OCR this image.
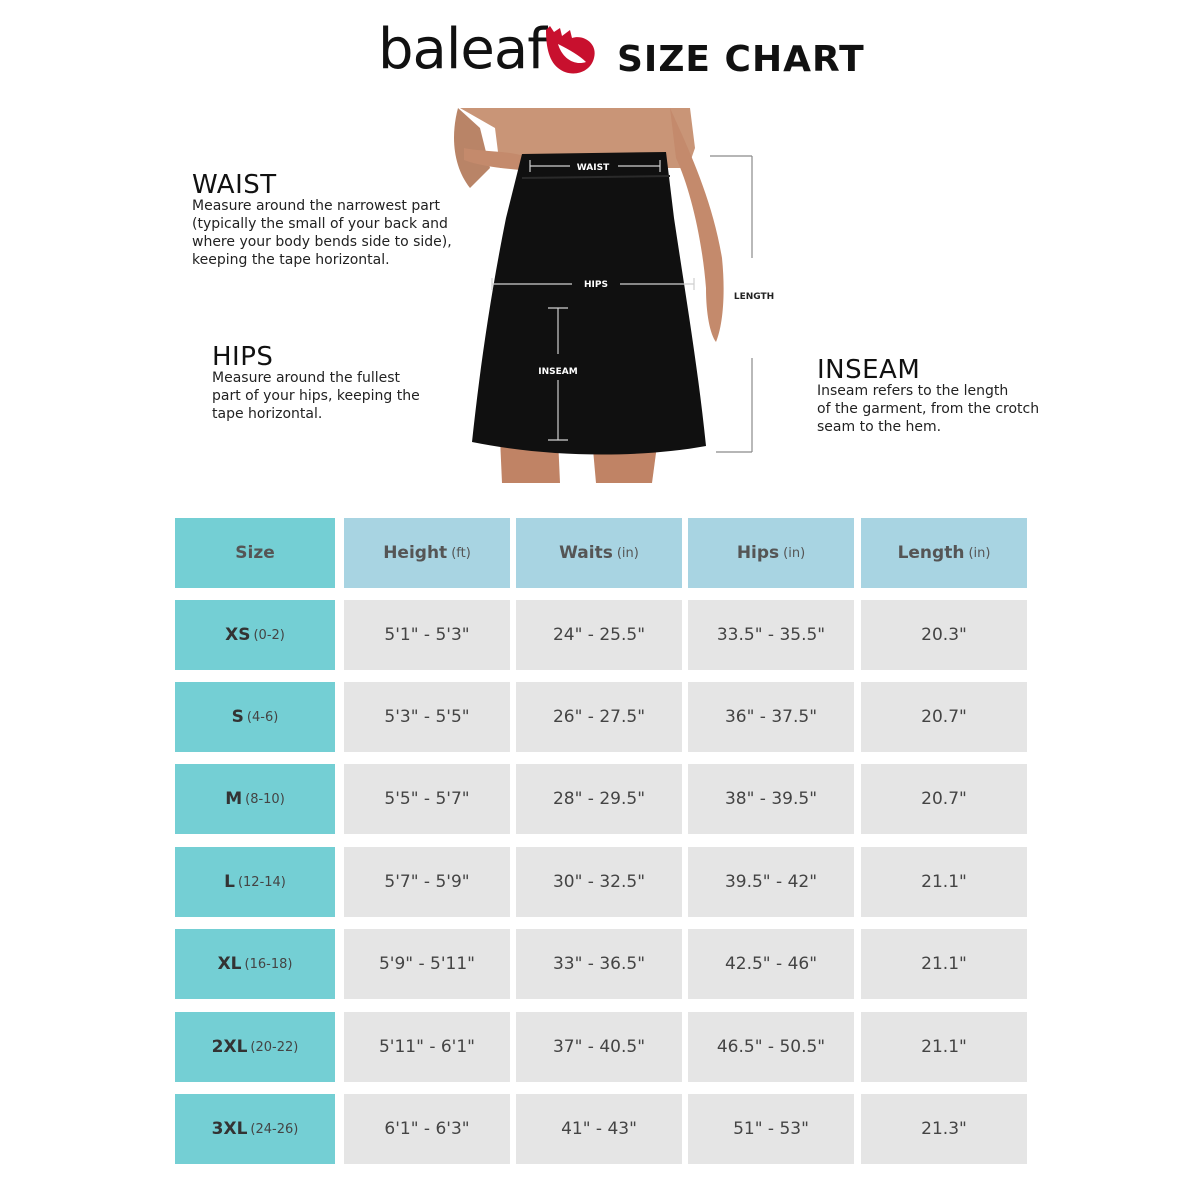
baleaf SIZE CHART
WAIST
HIPS
INSEAM
LENGTH
WAIST
Measure around the narrowest part
(typically the small of your back and
where your body bends side to side),
keeping the tape horizontal.
HIPS
Measure around the fullest
part of your hips, keeping the
tape horizontal.
INSEAM
Inseam refers to the length
of the garment, from the crotch
seam to the hem.
Size	Height (ft)	Waits (in)	Hips (in)	Length (in)
XS (0-2)	5'1" - 5'3"	24" - 25.5"	33.5" - 35.5"	20.3"
S (4-6)	5'3" - 5'5"	26" - 27.5"	36" - 37.5"	20.7"
M (8-10)	5'5" - 5'7"	28" - 29.5"	38" - 39.5"	20.7"
L (12-14)	5'7" - 5'9"	30" - 32.5"	39.5" - 42"	21.1"
XL (16-18)	5'9" - 5'11"	33" - 36.5"	42.5" - 46"	21.1"
2XL (20-22)	5'11" - 6'1"	37" - 40.5"	46.5" - 50.5"	21.1"
3XL (24-26)	6'1" - 6'3"	41" - 43"	51" - 53"	21.3"
